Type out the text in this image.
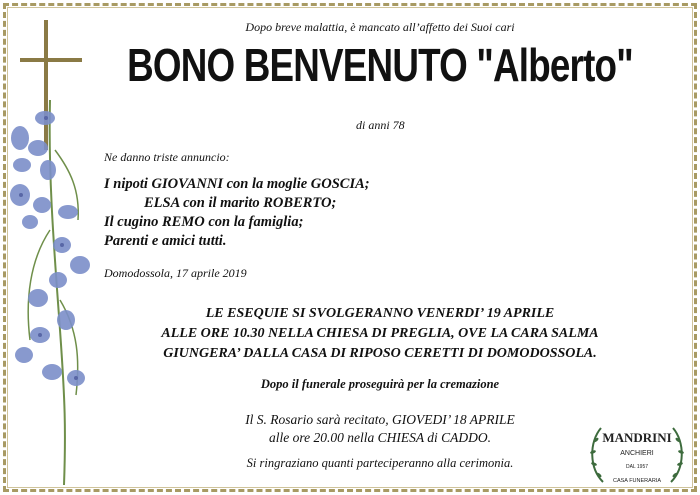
Dopo breve malattia, è mancato all’affetto dei Suoi cari
BONO BENVENUTO "Alberto"
di anni 78
Ne danno triste annuncio:
I nipoti GIOVANNI con la moglie GOSCIA;
ELSA con il marito ROBERTO;
Il cugino REMO con la famiglia;
Parenti e amici tutti.
Domodossola, 17 aprile 2019
LE ESEQUIE SI SVOLGERANNO VENERDI’ 19 APRILE
ALLE ORE 10.30 NELLA CHIESA DI PREGLIA, OVE LA CARA SALMA
GIUNGERA’ DALLA CASA DI RIPOSO CERETTI DI DOMODOSSOLA.
Dopo il funerale proseguirà per la cremazione
Il S. Rosario sarà recitato, GIOVEDI’ 18 APRILE
alle ore 20.00 nella CHIESA di CADDO.
Si ringraziano quanti parteciperanno alla cerimonia.
MANDRINI
ANCHIERI
DAL 1957
CASA FUNERARIA
